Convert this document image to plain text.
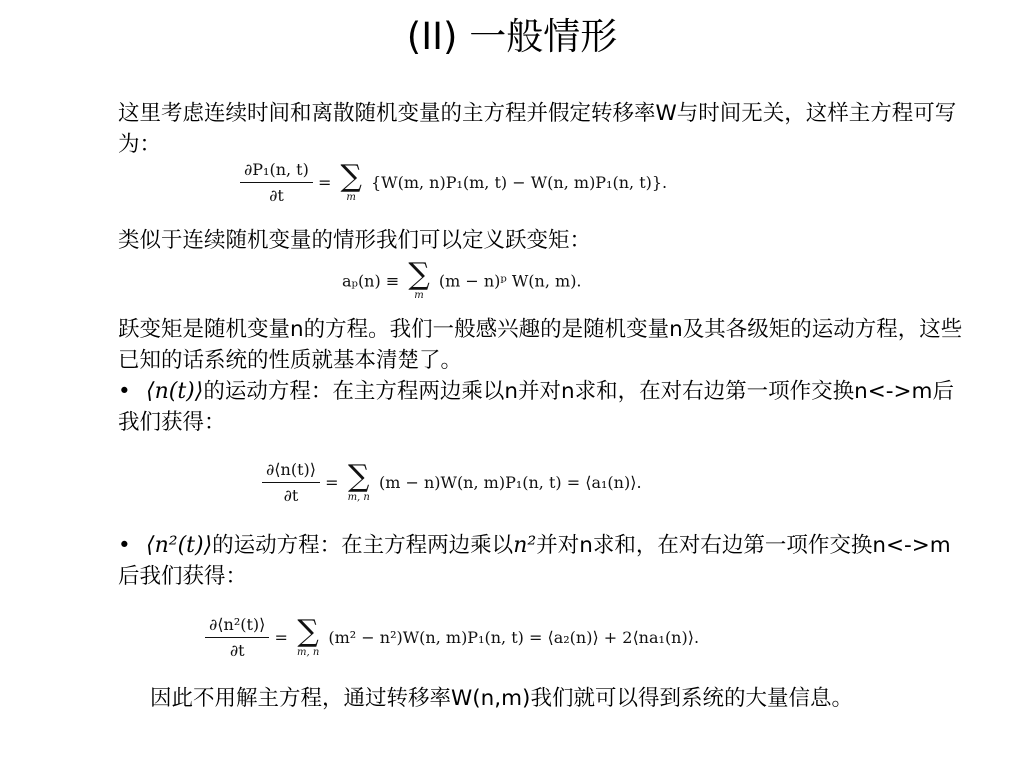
(II) 一般情形
这里考虑连续时间和离散随机变量的主方程并假定转移率W与时间无关，这样主方程可写为：
$\frac{\text{∂P₁(n, t)}}{\partial t}$ = ∑
m
{W(m, n)P₁(m, t) − W(n, m)P₁(n, t)}.
类似于连续随机变量的情形我们可以定义跃变矩：
aₚ(n) ≡ ∑
m
(m − n)ᵖ W(n, m).
跃变矩是随机变量n的方程。我们一般感兴趣的是随机变量n及其各级矩的运动方程，这些已知的话系统的性质就基本清楚了。
• ⟨n(t)⟩的运动方程：在主方程两边乘以n并对n求和，在对右边第一项作交换n<->m后我们获得：
$\frac{\partial⟨n(t)⟩}{\partial t}$ = ∑
m, n
(m − n)W(n, m)P₁(n, t) = ⟨a₁(n)⟩.
• ⟨n²(t)⟩的运动方程：在主方程两边乘以n²并对n求和，在对右边第一项作交换n<->m后我们获得：
$\frac{\text{∂⟨n²(t)⟩}}{\partial t}$ = ∑
m, n
(m² − n²)W(n, m)P₁(n, t) = ⟨a₂(n)⟩ + 2⟨na₁(n)⟩.
因此不用解主方程，通过转移率W(n,m)我们就可以得到系统的大量信息。
